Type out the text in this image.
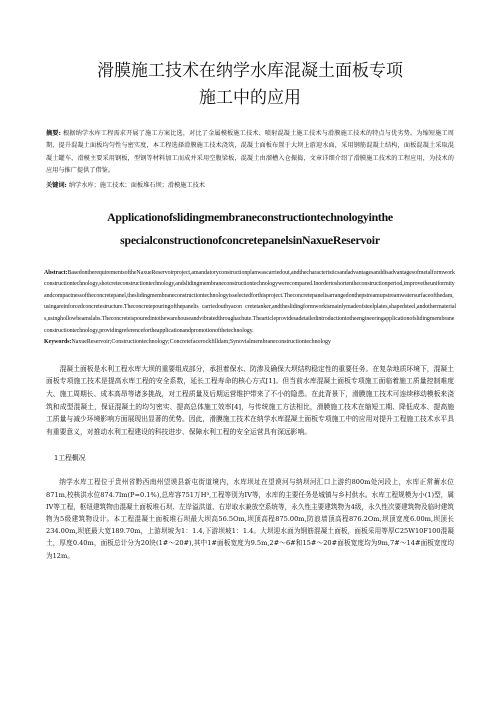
滑膜施工技术在纳学水库混凝土面板专项
施工中的应用

摘要: 根据纳学水库工程需求开展了施工方案比选，对比了金属模板施工技术、喷射混凝土施工技术与滑膜施工技术的特点与优劣势。为缩短施工周期、提升混凝土面板均匀性与密实度，本工程选择滑膜施工技术浇筑，混凝土面板布置于大坝上游迎水面，采用钢筋混凝土结构，面板混凝土采取混凝土罐车，滑模主要采用钢板，型钢等材料加工而成并采用空腹梁板，混凝土由溜槽入仓振捣，文章详细介绍了滑膜施工技术的工程应用，为技术的应用与推广提供了借鉴。

关键词: 纳学水库；施工技术；面板堆石坝；滑模施工技术

Applicationofslidingmembraneconstructiontechnologyinthe
specialconstructionofconcretepanelsinNaxueReservoir

Abstract:BasedontherequirementsoftheNaxueReservoirproject,amandatoryconstructionplanwascarriedout,andthecharacteristicsandadvantagesanddisadvantagesofmetalformworkconstructiontechnology,shotcreteconstructiontechnology,andslidingmembraneconstructiontechnologywerecompared.Inordertoshortentheconstructionperiod,improvetheuniformityandcompactnessoftheconcretepanel,theslidingmembraneconstructiontechnologyisselectedforthisproject.Theconcretepanelisarrangedonthepstreamupstreamwatersurfaceofthedam,usingareinforcedconcretestructure.Theconcretepouringofthepanelis carriedoutbyacon cretetanker,andtheslidingformworkismainlymadeofsteelplates,shapedsteel,andothermaterials,usinghollowbeamslabs.Theconcreteispouredintothewarehouseandvibratedthroughachute.Thearticleprovidesadetailedintroductiontotheengineeringapplicationofslidingmembraneconstructiontechnology,providingreferencefortheapplicationandpromotionofthetechnology.

Keywords:NaxueReservoir;Constructiontechnology;Concretefacerockfilldam;Synovialmembraneconstructiontechnology

混凝土面板是水利工程水库大坝的重要组成部分，承担着保水、防渗及确保大坝结构稳定性的重要任务。在复杂地质环境下，混凝土面板专项施工技术是提高水库工程的安全系数，延长工程寿命的核心方式[1]。但当前水库混凝土面板专项施工面临着施工质量控制难度大、施工周期长、成本高昂等诸多挑战，对工程质量及后期运营维护带来了不小的隐患。在此背景下，滑膜施工技术可连续移动模板来浇筑和成型混凝土，保证混凝土的均匀密实、提高总体施工效率[4]，与传统施工方法相比，滑膜施工技术在缩短工期、降低成本、提高施工质量与减少环境影响方面展现出显著的优势。因此，滑膜施工技术在纳学水库混凝土面板专项施工中的应用对提升工程施工技术水平具有重要意义，对推动水利工程建设的科技进步、保障水利工程的安全运营具有深远影响。

1工程概况

纳学水库工程位于贵州省黔西南州望谟县新屯街道境内，水库坝址在望谟河与纳坝河汇口上游约800m处河段上，水库正常蓄水位871m,校核洪水位874.7lm(P=0.1%),总库容751万H³,工程等别为IV等，水库的主要任务是城镇与乡村供水。水库工程规模为小(1)型，属IV等工程，枢纽建筑物由混凝土面板堆石坝、左岸溢洪道、右岸取水兼放空系统等，永久性主要建筑物为4级，永久性次要建筑物及临时建筑物为5级建筑物设计。本工程混凝土面板堆石坝最大坝高56.5Om,坝顶高程875.00m,防浪墙顶高程876.2Om,坝顶宽度6.00m,坝顶长234.00m,坝底最大宽189.70m，上游坝坡为1：1.4,下游坝坡1：1.4。大坝迎水面为钢筋混凝土面板，面板采用等厚C25W10F100混凝土，厚度0.40m，面板总计分为20块(1#～20#),其中1#面板宽度为9.5m,2#～6#和15#～20#面板宽度均为9m,7#～14#面板宽度均为12m。
